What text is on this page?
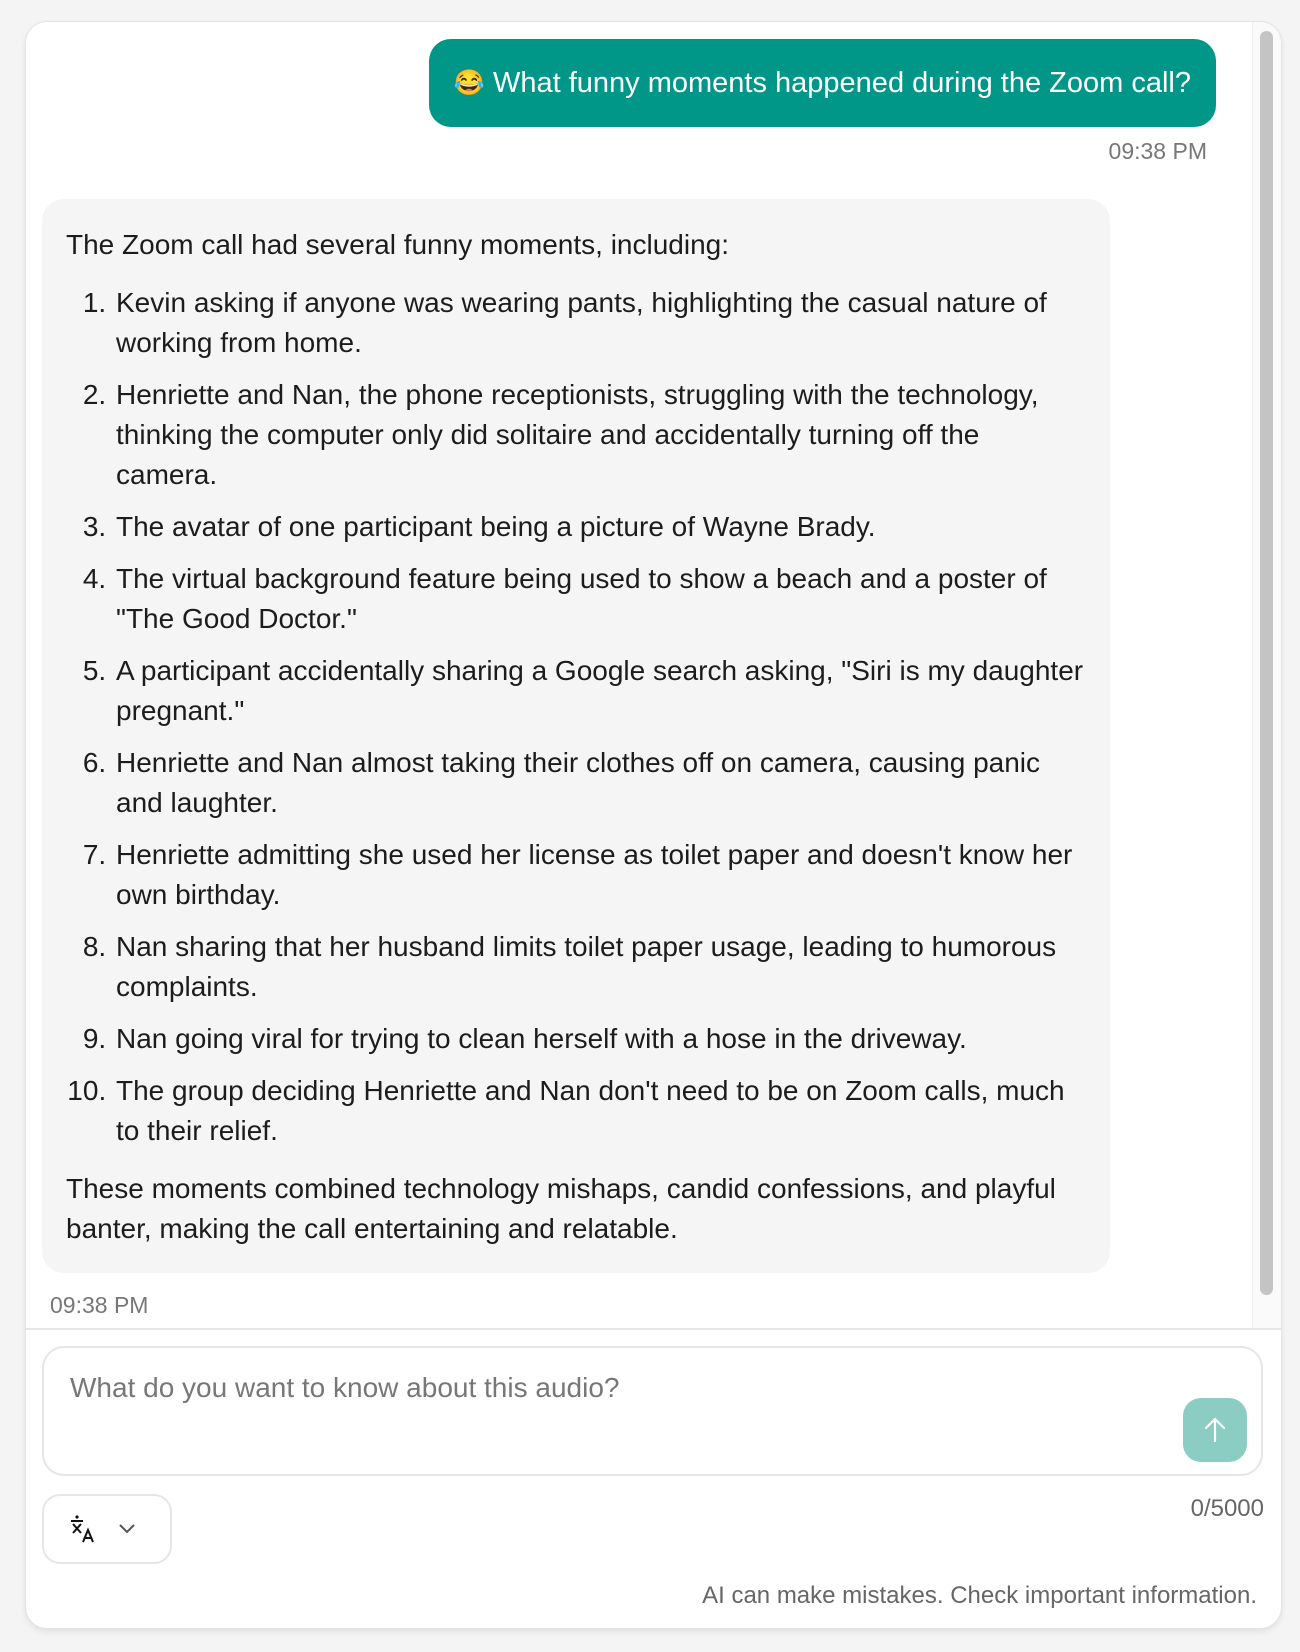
😂 What funny moments happened during the Zoom call?
09:38 PM

The Zoom call had several funny moments, including:

1. Kevin asking if anyone was wearing pants, highlighting the casual nature of working from home.
2. Henriette and Nan, the phone receptionists, struggling with the technology, thinking the computer only did solitaire and accidentally turning off the camera.
3. The avatar of one participant being a picture of Wayne Brady.
4. The virtual background feature being used to show a beach and a poster of "The Good Doctor."
5. A participant accidentally sharing a Google search asking, "Siri is my daughter pregnant."
6. Henriette and Nan almost taking their clothes off on camera, causing panic and laughter.
7. Henriette admitting she used her license as toilet paper and doesn't know her own birthday.
8. Nan sharing that her husband limits toilet paper usage, leading to humorous complaints.
9. Nan going viral for trying to clean herself with a hose in the driveway.
10. The group deciding Henriette and Nan don't need to be on Zoom calls, much to their relief.

These moments combined technology mishaps, candid confessions, and playful banter, making the call entertaining and relatable.

09:38 PM
What do you want to know about this audio?
0/5000
AI can make mistakes. Check important information.
